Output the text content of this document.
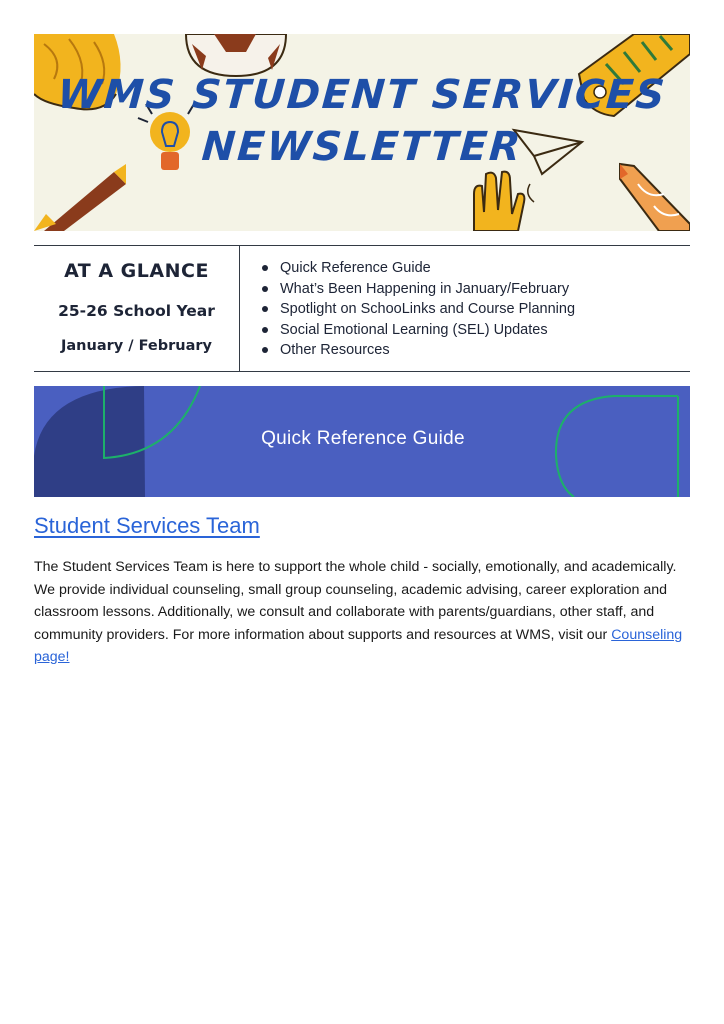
WMS STUDENT SERVICES
NEWSLETTER
AT A GLANCE
25-26 School Year
January / February
Quick Reference Guide
What’s Been Happening in January/February
Spotlight on SchooLinks and Course Planning
Social Emotional Learning (SEL) Updates
Other Resources
Quick Reference Guide
Student Services Team

The Student Services Team is here to support the whole child - socially, emotionally, and academically. We provide individual counseling, small group counseling, academic advising, career exploration and classroom lessons. Additionally, we consult and collaborate with parents/guardians, other staff, and community providers. For more information about supports and resources at WMS, visit our Counseling page!
